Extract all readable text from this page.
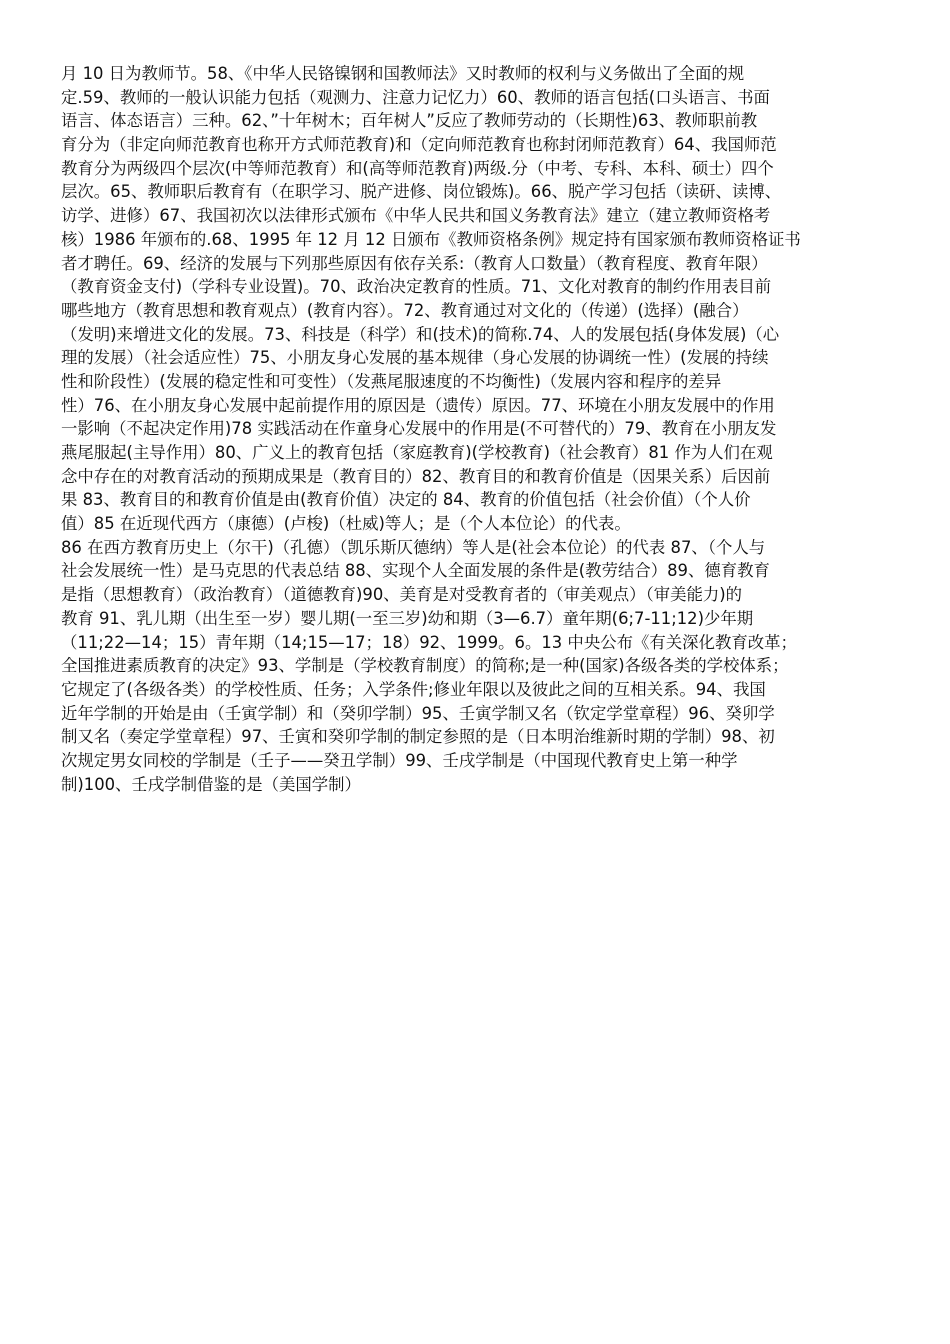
月 10 日为教师节。58、《中华人民铬镍钢和国教师法》又时教师的权利与义务做出了全面的规
定.59、教师的一般认识能力包括（观测力、注意力记忆力）60、教师的语言包括(口头语言、书面
语言、体态语言）三种。62、”十年树木；百年树人”反应了教师劳动的（长期性)63、教师职前教
育分为（非定向师范教育也称开方式师范教育)和（定向师范教育也称封闭师范教育）64、我国师范
教育分为两级四个层次(中等师范教育）和(高等师范教育)两级.分（中考、专科、本科、硕士）四个
层次。65、教师职后教育有（在职学习、脱产进修、岗位锻炼)。66、脱产学习包括（读研、读博、
访学、进修）67、我国初次以法律形式颁布《中华人民共和国义务教育法》建立（建立教师资格考
核）1986 年颁布的.68、1995 年 12 月 12 日颁布《教师资格条例》规定持有国家颁布教师资格证书
者才聘任。69、经济的发展与下列那些原因有依存关系:（教育人口数量）（教育程度、教育年限）
（教育资金支付)（学科专业设置)。70、政治决定教育的性质。71、文化对教育的制约作用表目前
哪些地方（教育思想和教育观点）(教育内容）。72、教育通过对文化的（传递）(选择）(融合）
（发明)来增进文化的发展。73、科技是（科学）和(技术)的简称.74、人的发展包括(身体发展)（心
理的发展）（社会适应性）75、小朋友身心发展的基本规律（身心发展的协调统一性）(发展的持续
性和阶段性）(发展的稳定性和可变性）（发燕尾服速度的不均衡性)（发展内容和程序的差异
性）76、在小朋友身心发展中起前提作用的原因是（遗传）原因。77、环境在小朋友发展中的作用
一影响（不起决定作用)78 实践活动在作童身心发展中的作用是(不可替代的）79、教育在小朋友发
燕尾服起(主导作用）80、广义上的教育包括（家庭教育)(学校教育)（社会教育）81 作为人们在观
念中存在的对教育活动的预期成果是（教育目的）82、教育目的和教育价值是（因果关系）后因前
果 83、教育目的和教育价值是由(教育价值）决定的 84、教育的价值包括（社会价值）（个人价
值）85 在近现代西方（康德）(卢梭)（杜威)等人；是（个人本位论）的代表。
86 在西方教育历史上（尔干)（孔德）（凯乐斯仄德纳）等人是(社会本位论）的代表 87、（个人与
社会发展统一性）是马克思的代表总结 88、实现个人全面发展的条件是(教劳结合）89、德育教育
是指（思想教育）（政治教育）（道德教育)90、美育是对受教育者的（审美观点）（审美能力)的
教育 91、乳儿期（出生至一岁）婴儿期(一至三岁)幼和期（3—6.7）童年期(6;7-11;12)少年期
（11;22—14；15）青年期（14;15—17；18）92、1999。6。13 中央公布《有关深化教育改革；
全国推进素质教育的决定》93、学制是（学校教育制度）的简称;是一种(国家)各级各类的学校体系；
它规定了(各级各类）的学校性质、任务；入学条件;修业年限以及彼此之间的互相关系。94、我国
近年学制的开始是由（壬寅学制）和（癸卯学制）95、壬寅学制又名（钦定学堂章程）96、癸卯学
制又名（奏定学堂章程）97、壬寅和癸卯学制的制定参照的是（日本明治维新时期的学制）98、初
次规定男女同校的学制是（壬子——癸丑学制）99、壬戌学制是（中国现代教育史上第一种学
制)100、壬戌学制借鉴的是（美国学制）
